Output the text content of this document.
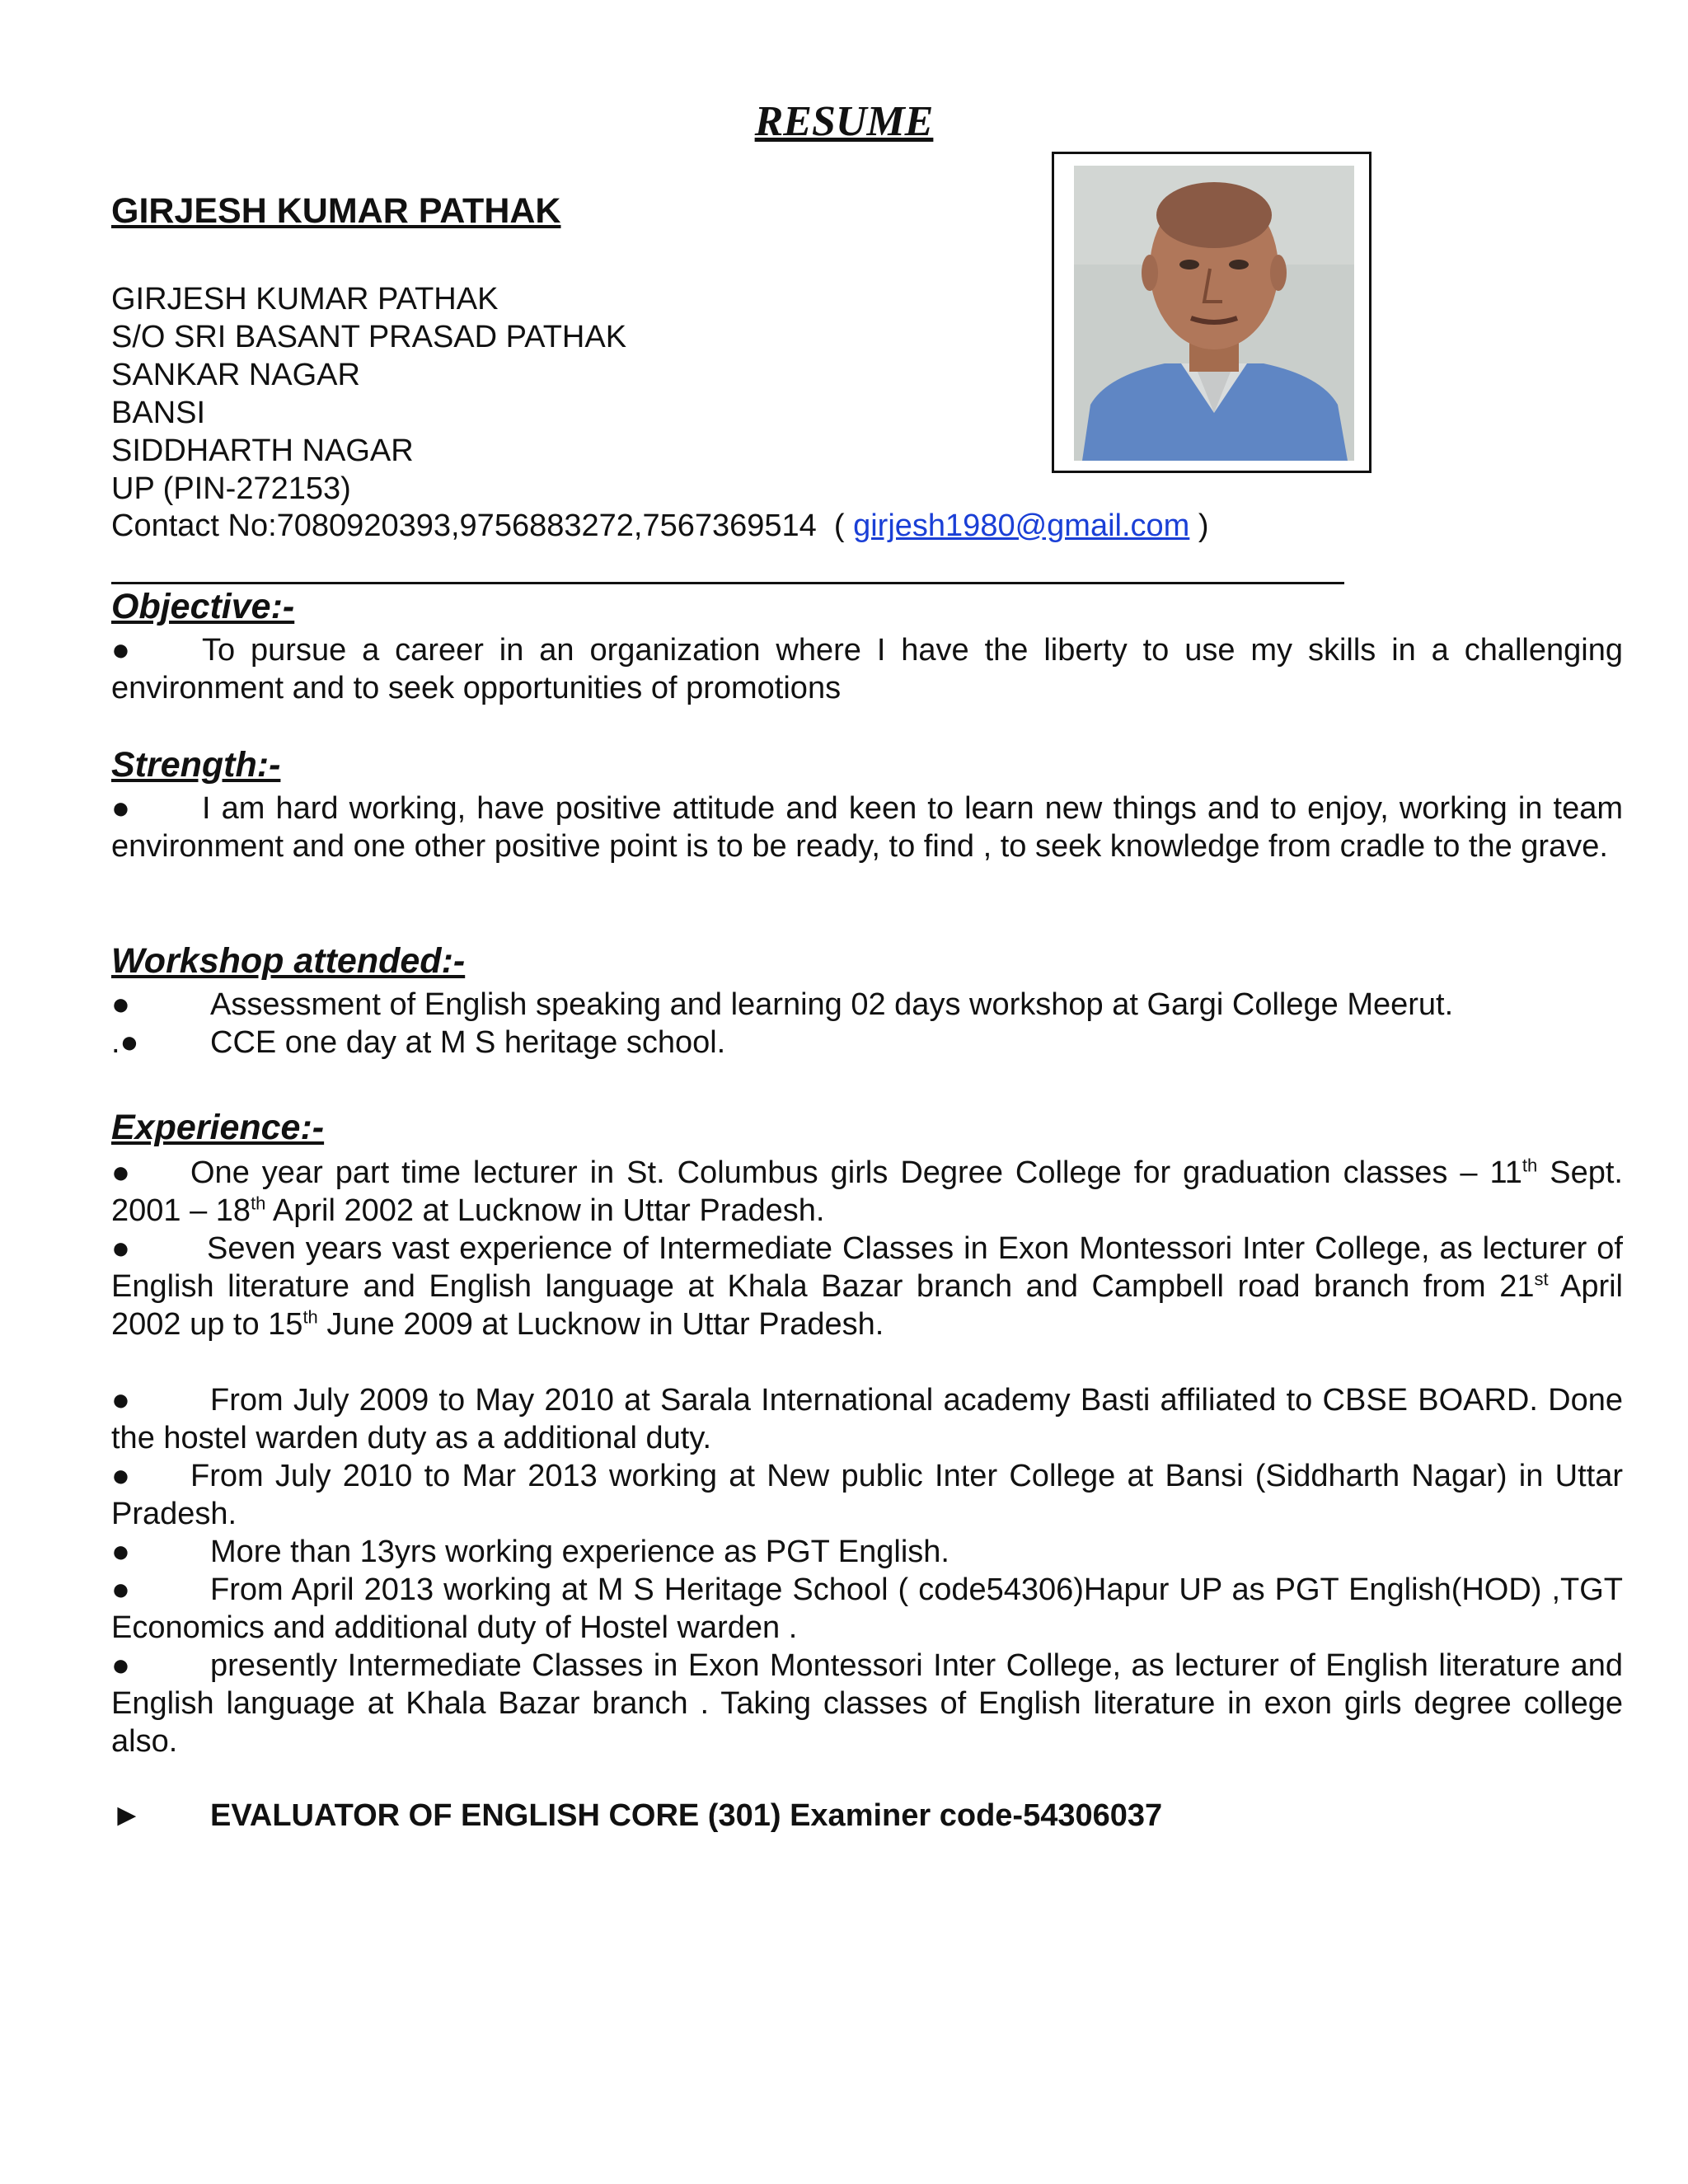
RESUME
GIRJESH KUMAR PATHAK
GIRJESH KUMAR PATHAK
S/O SRI BASANT PRASAD PATHAK
SANKAR NAGAR
BANSI
SIDDHARTH NAGAR
UP (PIN-272153)
Contact No:7080920393,9756883272,7567369514  ( girjesh1980@gmail.com )
Objective:-
● To pursue a career in an organization where I have the liberty to use my skills in a challenging environment and to seek opportunities of promotions
Strength:-
● I am hard working, have positive attitude and keen to learn new things and to enjoy, working in team environment and one other positive point is to be ready, to find , to seek knowledge from cradle to the grave.
Workshop attended:-
●	Assessment of English speaking and learning 02 days workshop at Gargi College Meerut.
.● CCE one day at M S heritage school.
Experience:-
● One year part time lecturer in St. Columbus girls Degree College for graduation classes – 11th Sept. 2001 – 18th April 2002 at Lucknow in Uttar Pradesh.
● Seven years vast experience of Intermediate Classes in Exon Montessori Inter College, as lecturer of English literature and English language at Khala Bazar branch and Campbell road branch from 21st April 2002 up to 15th June 2009 at Lucknow in Uttar Pradesh.
●	From July 2009 to May 2010 at Sarala International academy Basti affiliated to CBSE BOARD. Done the hostel warden duty as a additional duty.
● From July 2010 to Mar 2013 working at New public Inter College at Bansi (Siddharth Nagar) in Uttar Pradesh.
●	More than 13yrs working experience as PGT English.
●	From April 2013 working at M S Heritage School ( code54306)Hapur UP as PGT English(HOD) ,TGT Economics and additional duty of Hostel warden .
●	presently Intermediate Classes in Exon Montessori Inter College, as lecturer of English literature and English language at Khala Bazar branch . Taking classes of English literature in exon girls degree college also.
► EVALUATOR OF ENGLISH CORE (301) Examiner code-54306037
